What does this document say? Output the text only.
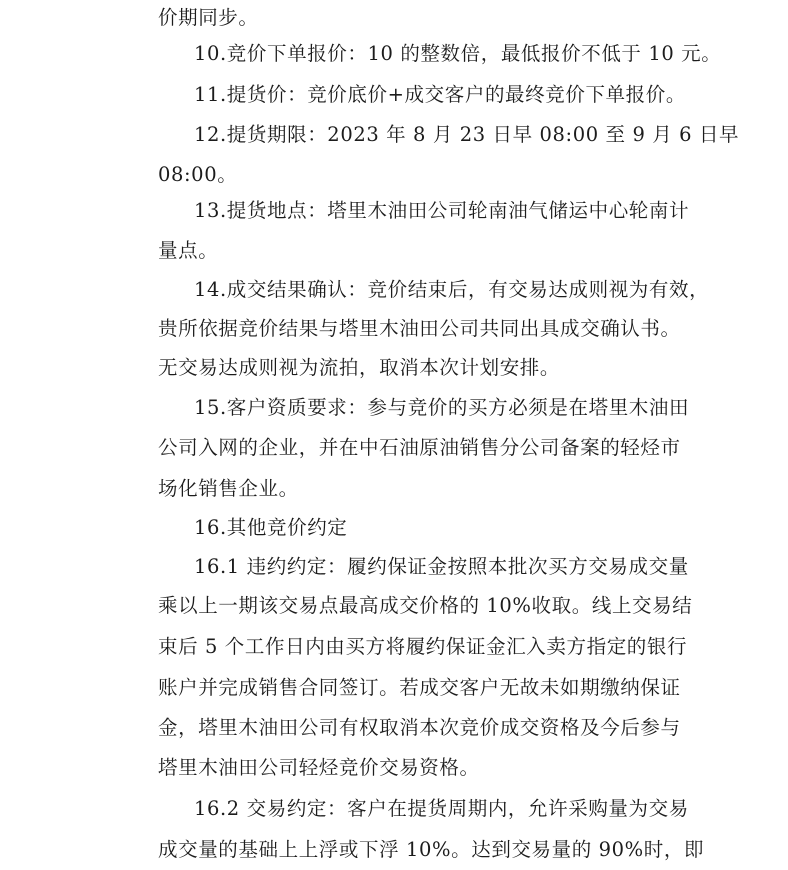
价期同步。
10.竞价下单报价：10 的整数倍，最低报价不低于 10 元。
11.提货价：竞价底价+成交客户的最终竞价下单报价。
12.提货期限：2023 年 8 月 23 日早 08:00 至 9 月 6 日早
08:00。
13.提货地点：塔里木油田公司轮南油气储运中心轮南计
量点。
14.成交结果确认：竞价结束后，有交易达成则视为有效，
贵所依据竞价结果与塔里木油田公司共同出具成交确认书。
无交易达成则视为流拍，取消本次计划安排。
15.客户资质要求：参与竞价的买方必须是在塔里木油田
公司入网的企业，并在中石油原油销售分公司备案的轻烃市
场化销售企业。
16.其他竞价约定
16.1 违约约定：履约保证金按照本批次买方交易成交量
乘以上一期该交易点最高成交价格的 10%收取。线上交易结
束后 5 个工作日内由买方将履约保证金汇入卖方指定的银行
账户并完成销售合同签订。若成交客户无故未如期缴纳保证
金，塔里木油田公司有权取消本次竞价成交资格及今后参与
塔里木油田公司轻烃竞价交易资格。
16.2 交易约定：客户在提货周期内，允许采购量为交易
成交量的基础上上浮或下浮 10%。达到交易量的 90%时，即
